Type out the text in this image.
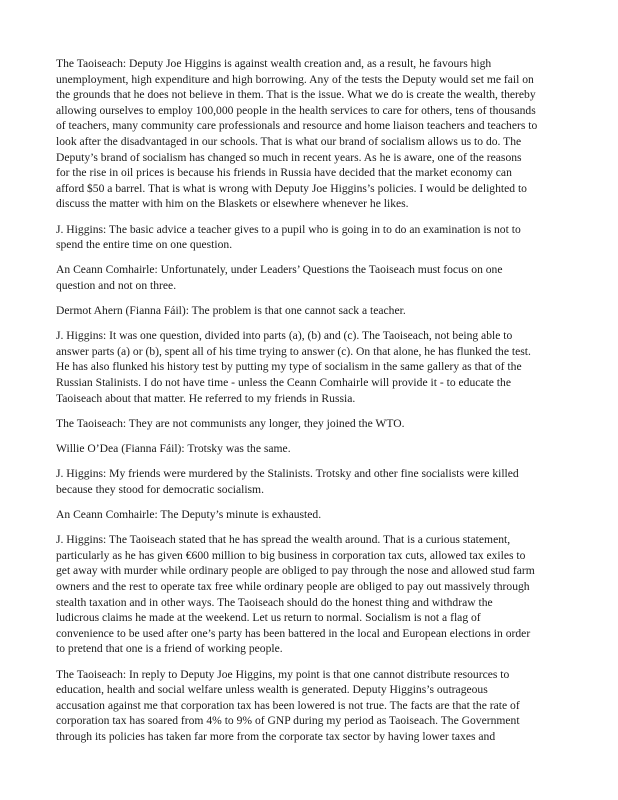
The Taoiseach: Deputy Joe Higgins is against wealth creation and, as a result, he favours high
unemployment, high expenditure and high borrowing. Any of the tests the Deputy would set me fail on
the grounds that he does not believe in them. That is the issue. What we do is create the wealth, thereby
allowing ourselves to employ 100,000 people in the health services to care for others, tens of thousands
of teachers, many community care professionals and resource and home liaison teachers and teachers to
look after the disadvantaged in our schools. That is what our brand of socialism allows us to do. The
Deputy’s brand of socialism has changed so much in recent years. As he is aware, one of the reasons
for the rise in oil prices is because his friends in Russia have decided that the market economy can
afford $50 a barrel. That is what is wrong with Deputy Joe Higgins’s policies. I would be delighted to
discuss the matter with him on the Blaskets or elsewhere whenever he likes.

J. Higgins: The basic advice a teacher gives to a pupil who is going in to do an examination is not to
spend the entire time on one question.

An Ceann Comhairle: Unfortunately, under Leaders’ Questions the Taoiseach must focus on one
question and not on three.

Dermot Ahern (Fianna Fáil): The problem is that one cannot sack a teacher.

J. Higgins: It was one question, divided into parts (a), (b) and (c). The Taoiseach, not being able to
answer parts (a) or (b), spent all of his time trying to answer (c). On that alone, he has flunked the test.
He has also flunked his history test by putting my type of socialism in the same gallery as that of the
Russian Stalinists. I do not have time - unless the Ceann Comhairle will provide it - to educate the
Taoiseach about that matter. He referred to my friends in Russia.

The Taoiseach: They are not communists any longer, they joined the WTO.

Willie O’Dea (Fianna Fáil): Trotsky was the same.

J. Higgins: My friends were murdered by the Stalinists. Trotsky and other fine socialists were killed
because they stood for democratic socialism.

An Ceann Comhairle: The Deputy’s minute is exhausted.

J. Higgins: The Taoiseach stated that he has spread the wealth around. That is a curious statement,
particularly as he has given €600 million to big business in corporation tax cuts, allowed tax exiles to
get away with murder while ordinary people are obliged to pay through the nose and allowed stud farm
owners and the rest to operate tax free while ordinary people are obliged to pay out massively through
stealth taxation and in other ways. The Taoiseach should do the honest thing and withdraw the
ludicrous claims he made at the weekend. Let us return to normal. Socialism is not a flag of
convenience to be used after one’s party has been battered in the local and European elections in order
to pretend that one is a friend of working people.

The Taoiseach: In reply to Deputy Joe Higgins, my point is that one cannot distribute resources to
education, health and social welfare unless wealth is generated. Deputy Higgins’s outrageous
accusation against me that corporation tax has been lowered is not true. The facts are that the rate of
corporation tax has soared from 4% to 9% of GNP during my period as Taoiseach. The Government
through its policies has taken far more from the corporate tax sector by having lower taxes and
